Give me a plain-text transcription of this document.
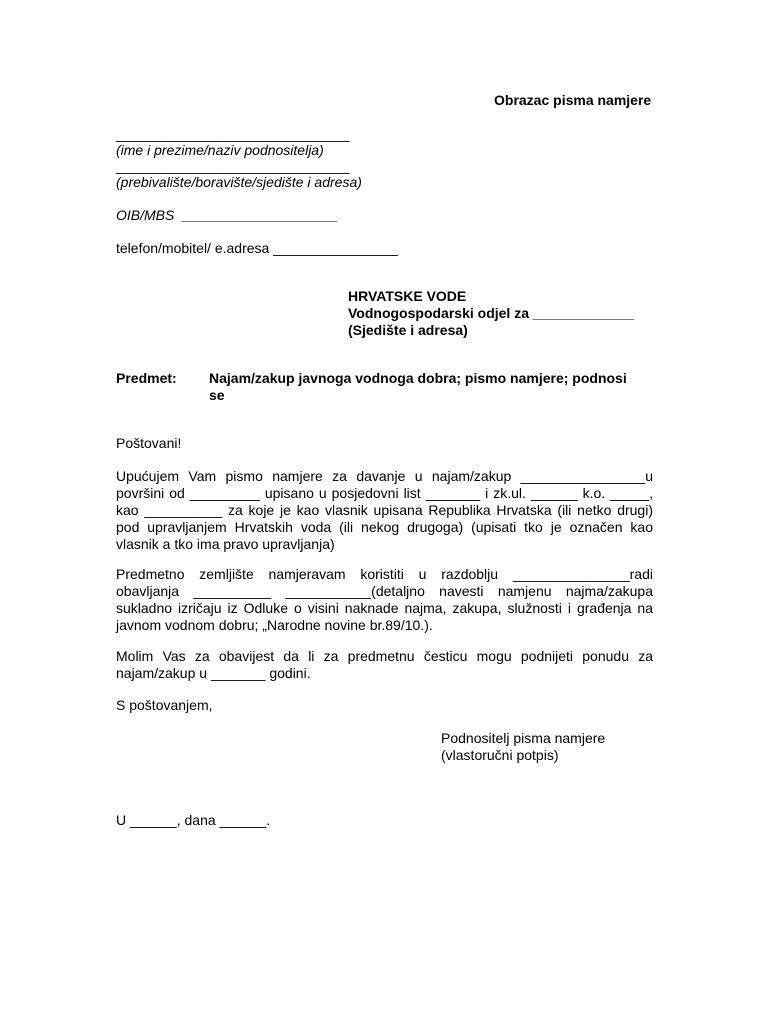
Obrazac pisma namjere
______________________________
(ime i prezime/naziv podnositelja)
______________________________
(prebivalište/boravište/sjedište i adresa)
OIB/MBS  ____________________
telefon/mobitel/ e.adresa ________________
HRVATSKE VODE
Vodnogospodarski odjel za _____________
(Sjedište i adresa)
Predmet: Najam/zakup javnoga vodnoga dobra; pismo namjere; podnosi
se
Poštovani!
Upućujem Vam pismo namjere za davanje u najam/zakup ________________u
površini od _________ upisano u posjedovni list _______ i zk.ul. ______ k.o. _____,
kao __________ za koje je kao vlasnik upisana Republika Hrvatska (ili netko drugi)
pod upravljanjem Hrvatskih voda (ili nekog drugoga) (upisati tko je označen kao
vlasnik a tko ima pravo upravljanja)
Predmetno zemljište namjeravam koristiti u razdoblju _______________radi
obavljanja __________ ___________(detaljno navesti namjenu najma/zakupa
sukladno izričaju iz Odluke o visini naknade najma, zakupa, služnosti i građenja na
javnom vodnom dobru; „Narodne novine br.89/10.).
Molim Vas za obavijest da li za predmetnu česticu mogu podnijeti ponudu za
najam/zakup u _______ godini.
S poštovanjem,
Podnositelj pisma namjere
(vlastoručni potpis)
U ______, dana ______.
